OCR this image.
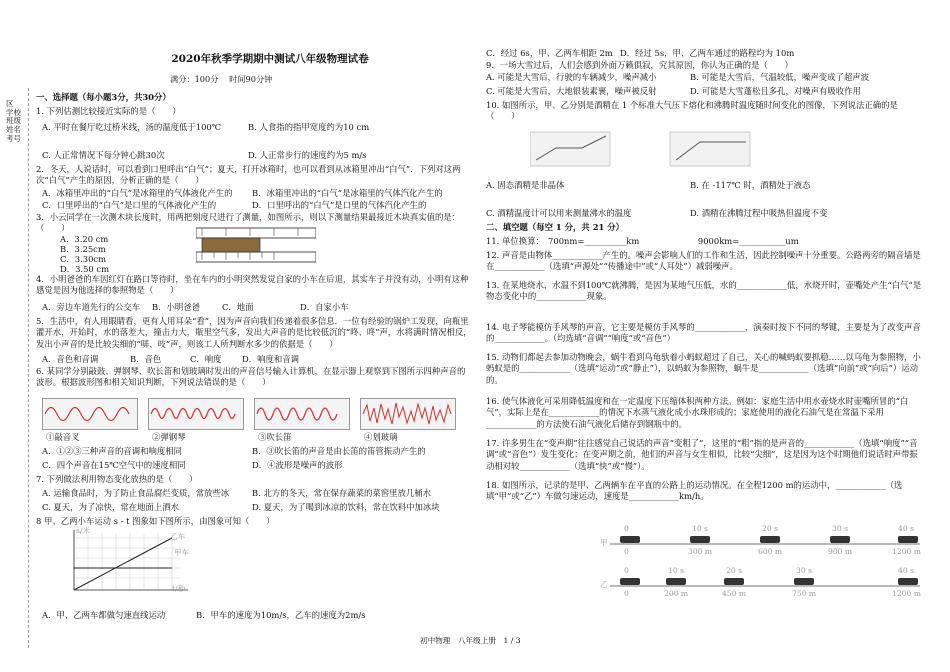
2020年秋季学期期中测试八年级物理试卷
满分：100分　 时间90分钟
区
学校
班级
姓名
考号
一、选择题（每小题3分，共30分）
1. 下列估测比较接近实际的是（　　）
A. 平时在餐厅吃过桥米线，汤的温度低于100℃	B. 人食指的指甲宽度约为10 cm
C. 人正常情况下每分钟心跳30次	D. 人正常步行的速度约为5 m/s
2．冬天，人说话时，可以看到口里呼出“白气”；夏天，打开冰箱时，也可以看到从冰箱里冲出“白气”．下列对这两次“白气”产生的原因，分析正确的是（　　）
A．冰箱里冲出的“白气”是冰箱里的气体液化产生的 B．冰箱里冲出的“白气”是冰箱里的气体汽化产生的
C．口里呼出的“白气”是口里的气体液化产生的	D．口里呼出的“白气”是口里的气体汽化产生的
3．小云同学在一次测木块长度时，用两把刻度尺进行了测量，如图所示，则以下测量结果最接近木块真实值的是：（　　）
A．3.20 cm
B．3.25cm
C．3.30cm
D．3.50 cm
4．小明爸爸的车因红灯在路口等待时，坐在车内的小明突然发觉自家的小车在后退，其实车子并没有动，小明有这种感觉是因为他选择的参照物是（　　）
A．旁边车道先行的公交车 B．小明爸爸	C．地面	D．自家小车
5．生活中，有人用眼睛看，更有人用耳朵“看”，因为声音向我们传递着很多信息．一位有经验的锅炉工发现，向瓶里灌开水，开始时，水的落差大，撞击力大，瓶里空气多，发出大声音的是比较低沉的“咚、咚”声，水将满时情况相反，发出小声音的是比较尖细的“哢、吱”声，则该工人所判断水多少的依据是（　　）
A．音色和音调	B．音色	C．响度 D．响度和音调
6. 某同学分别敲鼓、弹钢琴、吹长笛和划玻璃时发出的声音信号输入计算机，在显示器上观察到下图所示四种声音的波形。根据波形图和相关知识判断，下列说法错误的是（　　）
①敲音叉	②弹钢琴	③吹长笛	④划玻璃
A．①②③三种声音的音调和响度相同	B．③吹长笛的声音是由长笛的笛管振动产生的
C．四个声音在15℃空气中的速度相同	D．④波形是噪声的波形
7. 下列做法利用物态变化放热的是（　　）
A. 运输食品时，为了防止食品腐烂变质，常放些冰	B. 北方的冬天，常在保存蔬菜的菜窖里放几桶水
C. 夏天，为了凉快，常在地面上洒水	D. 夏天，为了喝到冰凉的饮料，常在饮料中加冰块
8 甲、乙两小车运动 s - t 图象如下图所示，由图象可知（　　）
s/米
t/秒
乙车
甲车
A．甲、乙两车都做匀速直线运动	B．甲车的速度为10m/s，乙车的速度为2m/s
C．经过 6s，甲、乙两车相距 2m D．经过 5s，甲、乙两车通过的路程均为 10m
9．一场大雪过后，人们会感到外面万籁俱寂，究其原因，你认为正确的是（　　）
A. 可能是大雪后，行驶的车辆减少，噪声减小	B. 可能是大雪后，气温较低，噪声变成了超声波
C. 可能是大雪后，大地银装素裹，噪声被反射	D. 可能是大雪蓬松且多孔，对噪声有吸收作用
10. 如图所示，甲、乙分别是酒精在 1 个标准大气压下熔化和沸腾时温度随时间变化的图像，下列说法正确的是（　　）
A. 固态酒精是非晶体	B. 在 -117℃ 时，酒精处于液态
C. 酒精温度计可以用来测量沸水的温度	D. 酒精在沸腾过程中吸热但温度不变
二、填空题（每空 1 分，共 21 分）
11. 单位换算：　700nm=__________km　　　　　　　9000km=___________um
12. 声音是由物体____________产生的。噪声会影响人们的工作和生活，因此控制噪声十分重要。公路两旁的隔音墙是在____________（选填“声源处”“传播途中”或“人耳处”）减弱噪声。
13. 在某地烧水，水温不到100℃就沸腾，是因为某地气压低，水的____________低，水烧开时，壶嘴处产生“白气”是物态变化中的____________现象。
14. 电子琴能模仿手风琴的声音，它主要是模仿手风琴的____________，演奏时按下不同的琴键，主要是为了改变声音的____________。（均选填“音调”“响度”或“音色”）
15. 动物们都起去参加动物晚会，蜗牛看到乌龟驮着小蚂蚁超过了自己，关心的喊蚂蚁要抓稳……以乌龟为参照物，小蚂蚁是的____________（选填“运动”或“静止”），以蚂蚁为参照物，蜗牛是____________（选填“向前”或“向后”）运动的。
16. 使气体液化可采用降低温度和在一定温度下压缩体积两种方法。例如：家庭生活中用水壶烧水时壶嘴所冒的“白气”，实际上是在____________的情况下水蒸气液化成小水珠形成的；家庭使用的液化石油气是在常温下采用____________的方法使石油气液化后储存到钢瓶中的。
17. 许多男生在“变声期”往往感觉自己说话的声音“变粗了”，这里的“粗”指的是声音的____________（选填“响度”“音调”或“音色”）发生变化；在变声期之前，他们的声音与女生相似，比较“尖细”，这是因为这个时期他们说话时声带振动相对较____________（选填“快”或“慢”）。
18. 如图所示，记录的是甲、乙两辆车在平直的公路上的运动情况。在全程1200 m的运动中，____________（选填“甲”或“乙”）车做匀速运动，速度是____________km/h。
甲
乙
0	10 s	20 s	30 s	40 s
0	300 m	600 m	900 m	1200 m
0	10 s	20 s	30 s	40 s
0	200 m	450 m	750 m	1200 m
初中物理　八年级上册　1 / 3
